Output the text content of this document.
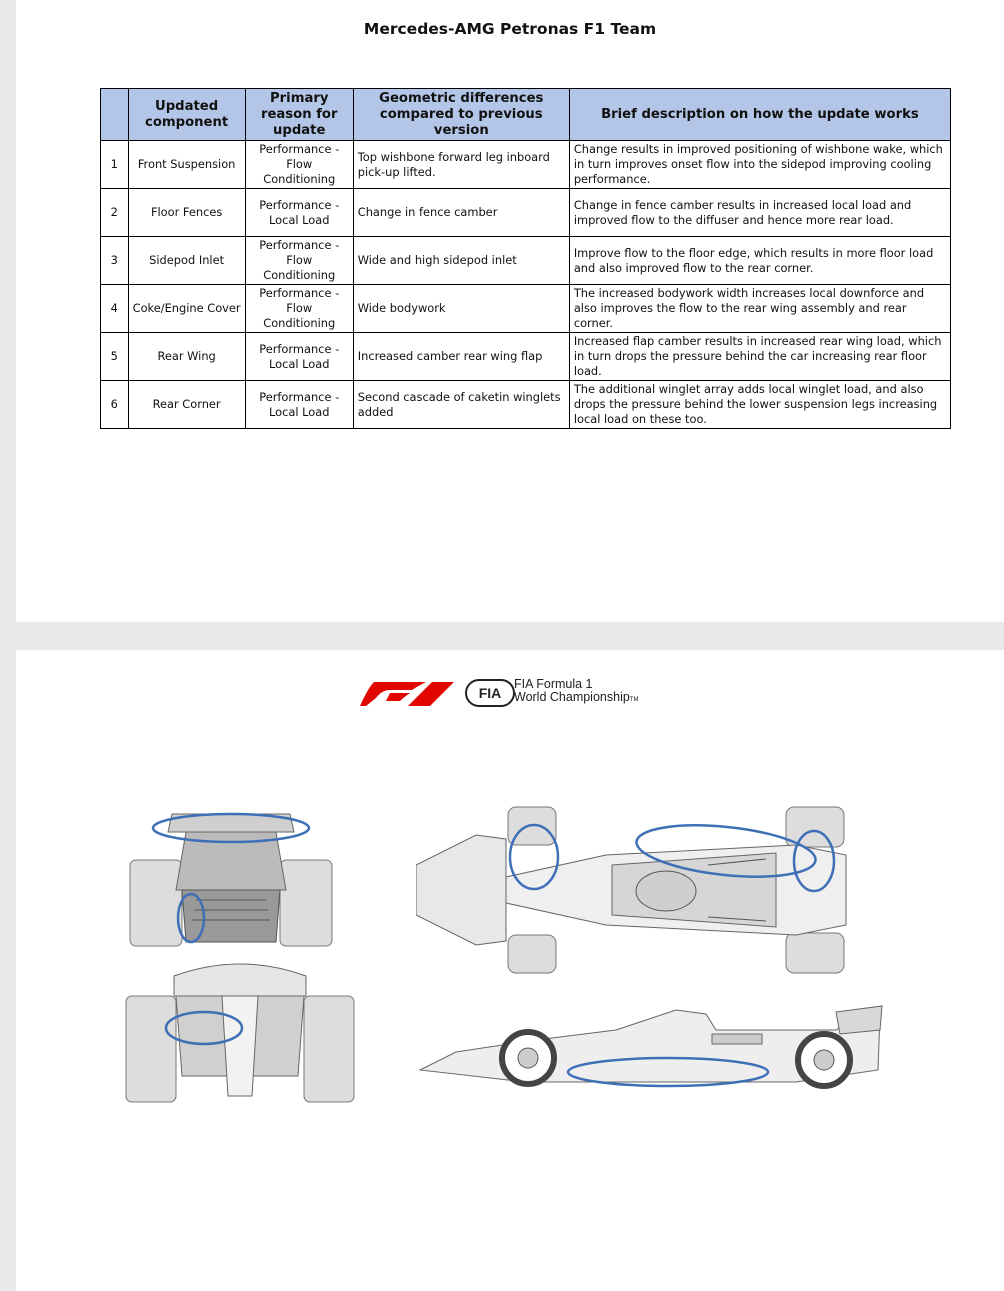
Mercedes-AMG Petronas F1 Team
	Updated component	Primary reason for update	Geometric differences compared to previous version	Brief description on how the update works
1	Front Suspension	Performance - Flow Conditioning	Top wishbone forward leg inboard pick-up lifted.	Change results in improved positioning of wishbone wake, which in turn improves onset flow into the sidepod improving cooling performance.
2	Floor Fences	Performance - Local Load	Change in fence camber	Change in fence camber results in increased local load and improved flow to the diffuser and hence more rear load.
3	Sidepod Inlet	Performance - Flow Conditioning	Wide and high sidepod inlet	Improve flow to the floor edge, which results in more floor load and also improved flow to the rear corner.
4	Coke/Engine Cover	Performance - Flow Conditioning	Wide bodywork	The increased bodywork width increases local downforce and also improves the flow to the rear wing assembly and rear corner.
5	Rear Wing	Performance - Local Load	Increased camber rear wing flap	Increased flap camber results in increased rear wing load, which in turn drops the pressure behind the car increasing rear floor load.
6	Rear Corner	Performance - Local Load	Second cascade of caketin winglets added	The additional winglet array adds local winglet load, and also drops the pressure behind the lower suspension legs increasing local load on these too.
FIA
FIA Formula 1
World ChampionshipTM
